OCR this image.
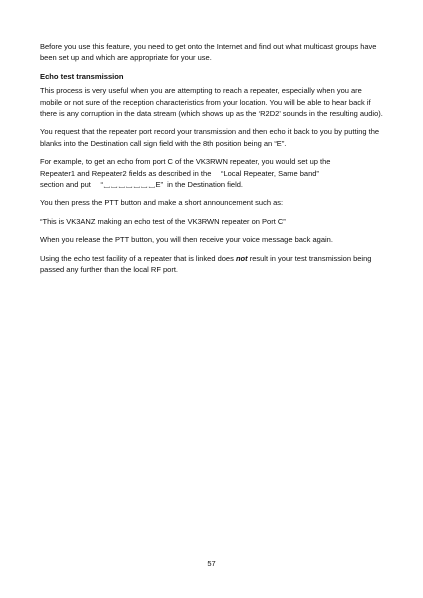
Before you use this feature, you need to get onto the Internet and find out what multicast groups have been set up and which are appropriate for your use.

Echo test transmission

This process is very useful when you are attempting to reach a repeater, especially when you are mobile or not sure of the reception characteristics from your location. You will be able to hear back if there is any corruption in the data stream (which shows up as the ‘R2D2’ sounds in the resulting audio).

You request that the repeater port record your transmission and then echo it back to you by putting the blanks into the Destination call sign field with the 8th position being an “E”.

For example, to get an echo from port C of the VK3RWN repeater, you would set up the
Repeater1 and Repeater2 fields as described in the 　“Local Repeater, Same band”
section and put 　“␣␣␣␣␣␣␣E”  in the Destination field.

You then press the PTT button and make a short announcement such as:

“This is VK3ANZ making an echo test of the VK3RWN repeater on Port C”

When you release the PTT button, you will then receive your voice message back again.

Using the echo test facility of a repeater that is linked does not result in your test transmission being passed any further than the local RF port.

57
